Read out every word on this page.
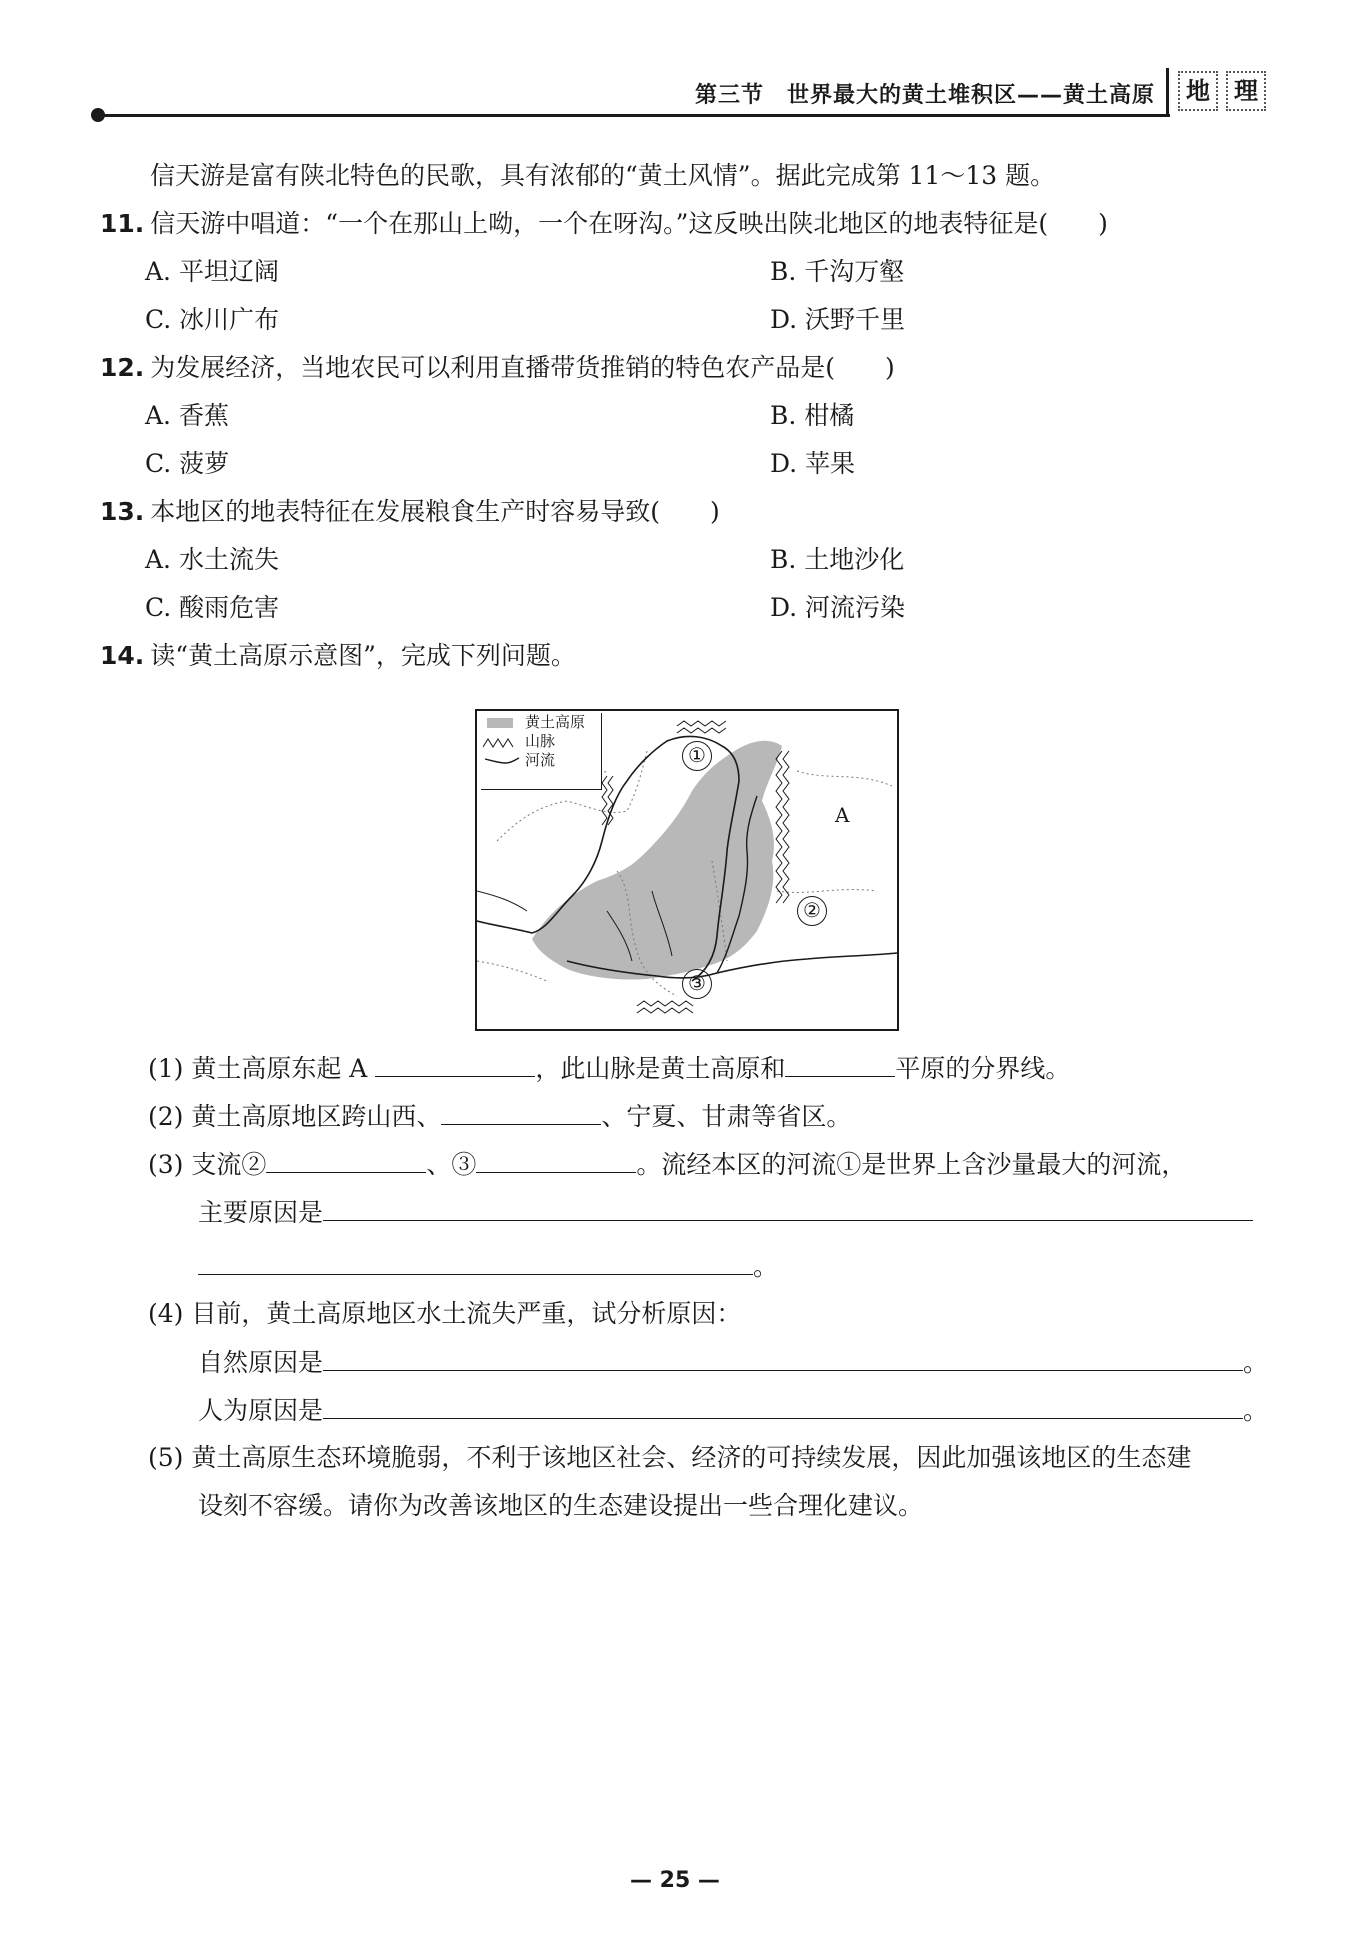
第三节　世界最大的黄土堆积区——黄土高原	地	理
信天游是富有陕北特色的民歌，具有浓郁的“黄土风情”。据此完成第 11～13 题。
11. 信天游中唱道：“一个在那山上呦，一个在呀沟。”这反映出陕北地区的地表特征是(　　)
A. 平坦辽阔	B. 千沟万壑
C. 冰川广布	D. 沃野千里
12. 为发展经济，当地农民可以利用直播带货推销的特色农产品是(　　)
A. 香蕉	B. 柑橘
C. 菠萝	D. 苹果
13. 本地区的地表特征在发展粮食生产时容易导致(　　)
A. 水土流失	B. 土地沙化
C. 酸雨危害	D. 河流污染
14. 读“黄土高原示意图”，完成下列问题。
黄土高原
山脉
河流	①
②
③
A
(1) 黄土高原东起 A	，此山脉是黄土高原和	平原的分界线。
(2) 黄土高原地区跨山西、	、宁夏、甘肃等省区。
(3) 支流②	、③	。流经本区的河流①是世界上含沙量最大的河流，
主要原因是
。
(4) 目前，黄土高原地区水土流失严重，试分析原因：
自然原因是	。
人为原因是	。
(5) 黄土高原生态环境脆弱，不利于该地区社会、经济的可持续发展，因此加强该地区的生态建
设刻不容缓。请你为改善该地区的生态建设提出一些合理化建议。
— 25 —
